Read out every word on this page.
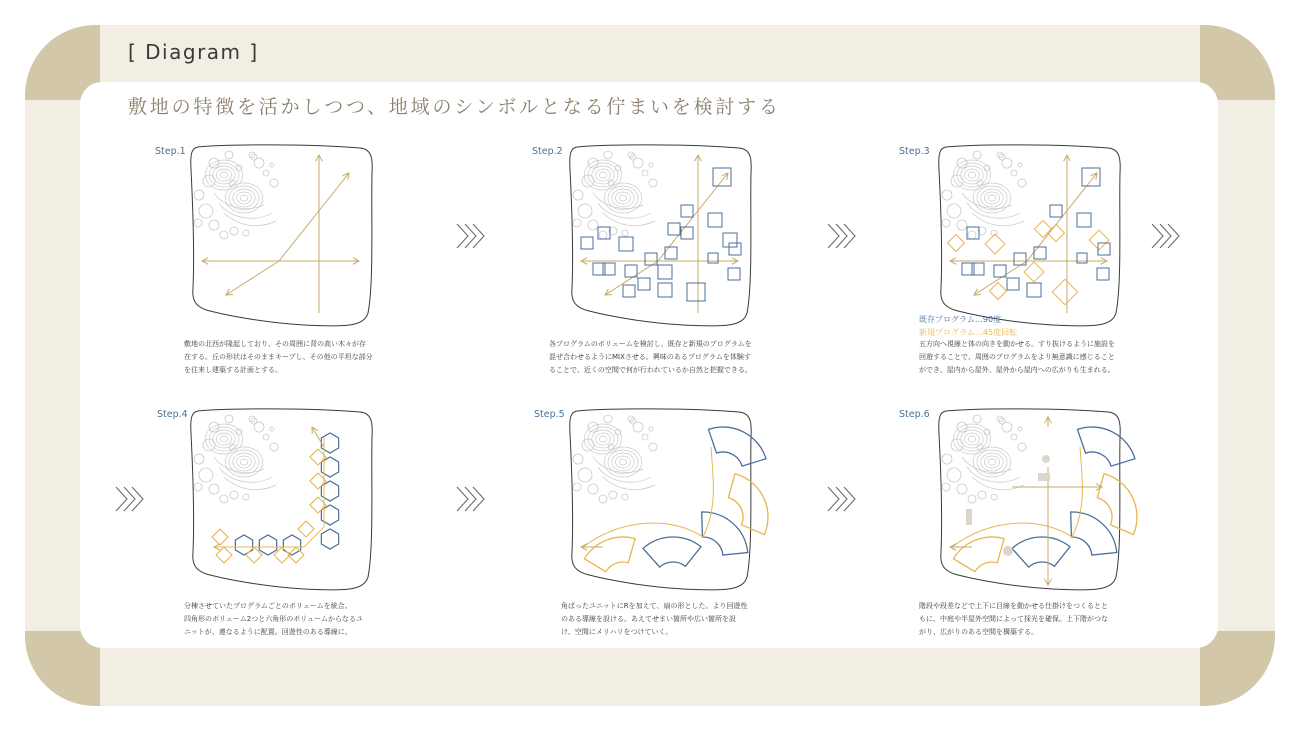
[ Diagram ]
敷地の特徴を活かしつつ、地域のシンボルとなる佇まいを検討する
Step.1	Step.2	Step.3
Step.4	Step.5	Step.6
既存プログラム…90度
新規プログラム…45度回転
敷地の北西が隆起しており、その周囲に背の高い木々が存
在する。丘の形状はそのままキープし、その他の平坦な部分
を往来し建築する計画とする。
各プログラムのボリュームを検討し、既存と新規のプログラムを
混ぜ合わせるようにMIXさせる。興味のあるプログラムを体験す
ることで、近くの空間で何が行われているか自然と把握できる。
五方向へ視線と体の向きを動かせる。すり抜けるように施設を
回遊することで、周囲のプログラムをより無意識に感じること
ができ、屋内から屋外、屋外から屋内への広がりも生まれる。
分棟させていたプログラムごとのボリュームを統合。
四角形のボリューム2つと六角形のボリュームからなるユ
ニットが、連なるように配置。回遊性のある導線に。
角ばったユニットにRを加えて、扇の形とした。より回遊性
のある導線を設ける。あえてせまい箇所や広い箇所を設
け、空間にメリハリをつけていく。
階段や段差などで上下に目線を動かせる仕掛けをつくるとと
もに、中庭や半屋外空間によって採光を確保。上下階がつな
がり、広がりのある空間を構築する。
